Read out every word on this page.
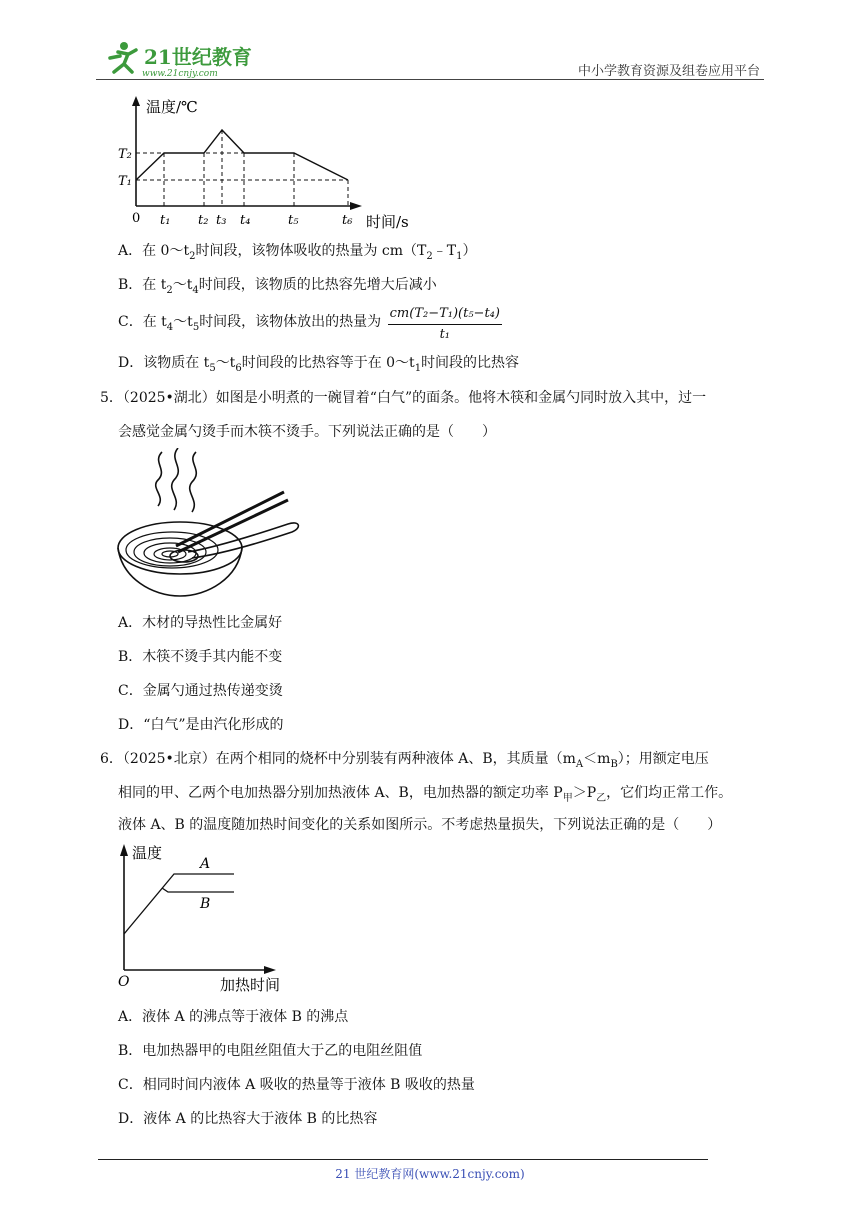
21世纪教育
www.21cnjy.com	中小学教育资源及组卷应用平台
温度/℃
时间/s
0
T₂
T₁
t₁ t₂ t₃ t₄	t₅	t₆
A．在 $0\sim t_2$时间段，该物体吸收的热量为 $cm(T_2﹣T_1)$
B．在 $t_2\sim t_4$时间段，该物质的比热容先增大后减小
C．在 $t_4\sim t_5$时间段，该物体放出的热量为 $\frac{\text{cm(T₂−T₁)(t₅−t₄)}}{\text{t₁}}$
D．该物质在 $t_5\sim t_6$时间段的比热容等于在 $0\sim t_1$时间段的比热容
5．（2025•湖北）如图是小明煮的一碗冒着“白气”的面条。他将木筷和金属勺同时放入其中，过一
会感觉金属勺烫手而木筷不烫手。下列说法正确的是（　　）
A．木材的导热性比金属好
B．木筷不烫手其内能不变
C．金属勺通过热传递变烫
D．“白气”是由汽化形成的
6．（2025•北京）在两个相同的烧杯中分别装有两种液体 A、B，其质量$(m_A<m_B)$；用额定电压
相同的甲、乙两个电加热器分别加热液体 A、B，电加热器的额定功率 $P_甲>P_乙$，它们均正常工作。
液体 A、B 的温度随加热时间变化的关系如图所示。不考虑热量损失，下列说法正确的是（　　）
温度
加热时间
O
A
B
A．液体 A 的沸点等于液体 B 的沸点
B．电加热器甲的电阻丝阻值大于乙的电阻丝阻值
C．相同时间内液体 A 吸收的热量等于液体 B 吸收的热量
D．液体 A 的比热容大于液体 B 的比热容
21 世纪教育网(www.21cnjy.com)
